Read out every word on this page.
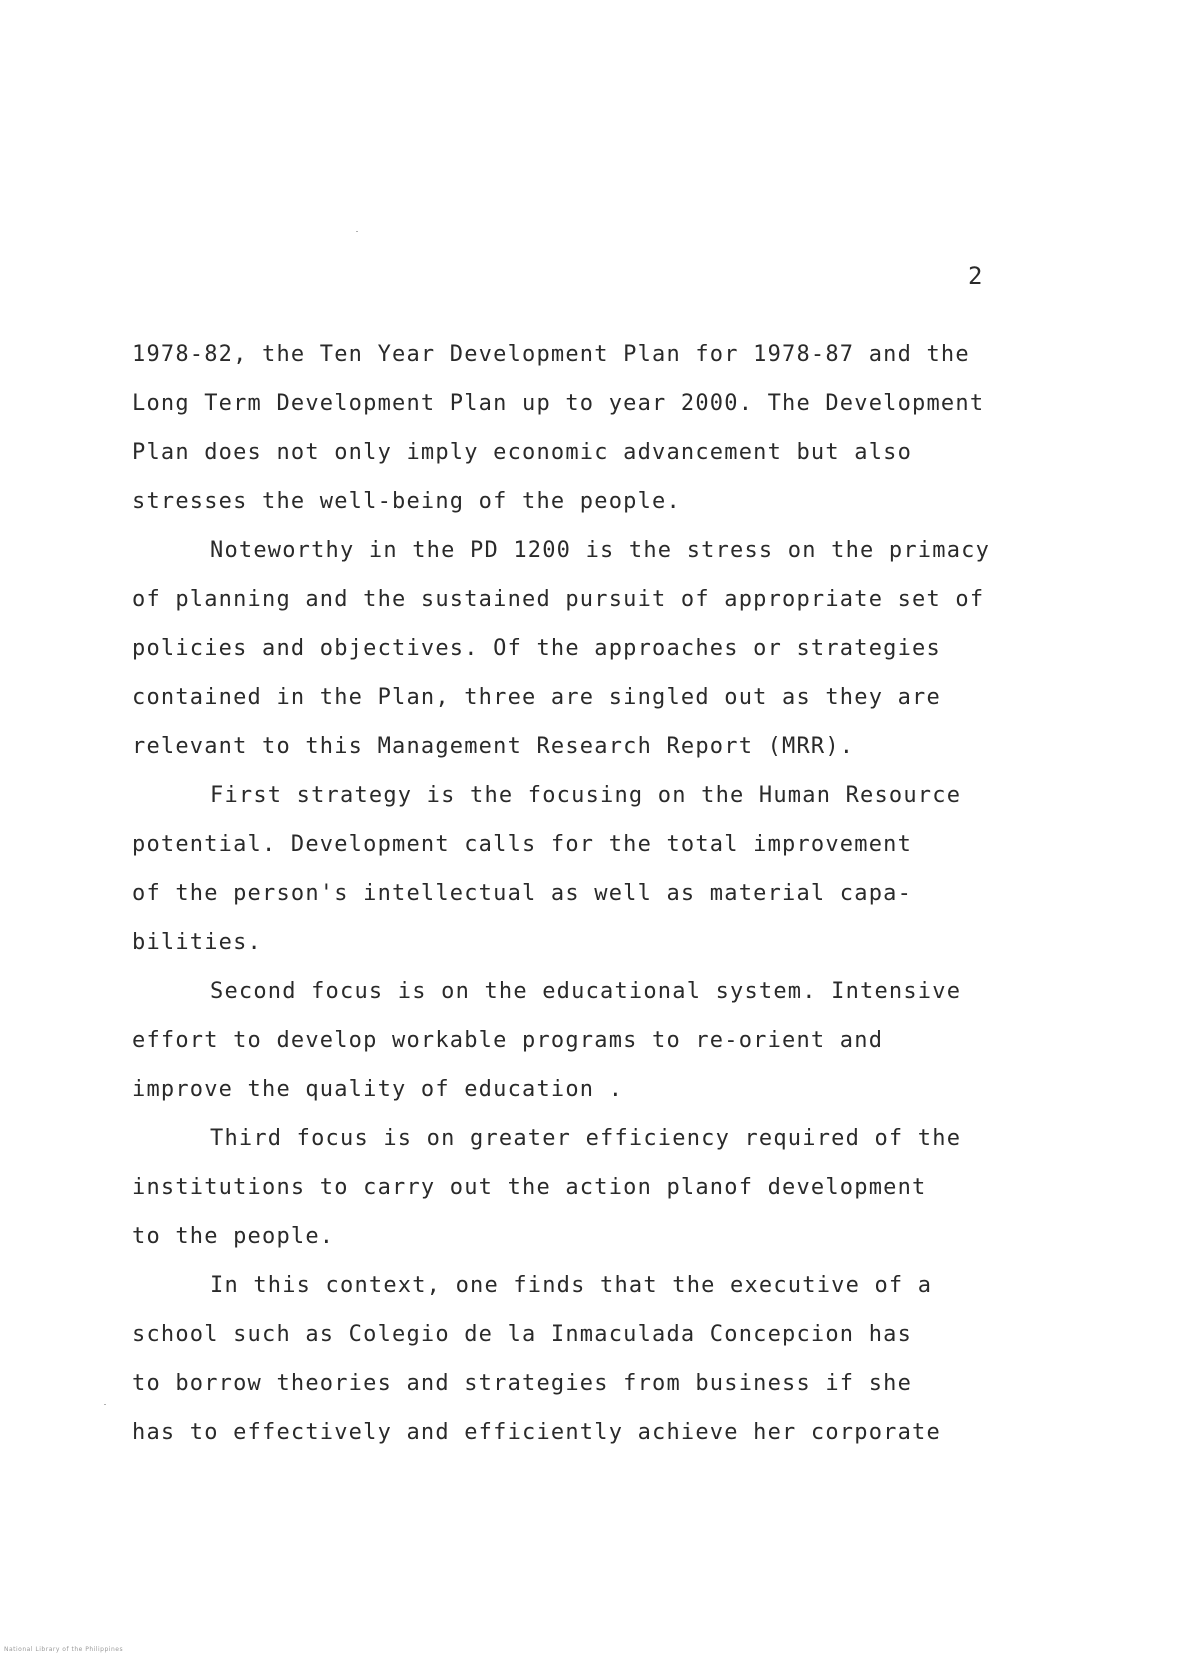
2

1978-82, the Ten Year Development Plan for 1978-87 and the
Long Term Development Plan up to year 2000. The Development
Plan does not only imply economic advancement but also
stresses the well-being of the people.

Noteworthy in the PD 1200 is the stress on the primacy
of planning and the sustained pursuit of appropriate set of
policies and objectives. Of the approaches or strategies
contained in the Plan, three are singled out as they are
relevant to this Management Research Report (MRR).

First strategy is the focusing on the Human Resource
potential. Development calls for the total improvement
of the person's intellectual as well as material capa-
bilities.

Second focus is on the educational system. Intensive
effort to develop workable programs to re-orient and
improve the quality of education .

Third focus is on greater efficiency required of the
institutions to carry out the action planof development
to the people.

In this context, one finds that the executive of a
school such as Colegio de la Inmaculada Concepcion has
to borrow theories and strategies from business if she
has to effectively and efficiently achieve her corporate

National Library of the Philippines
